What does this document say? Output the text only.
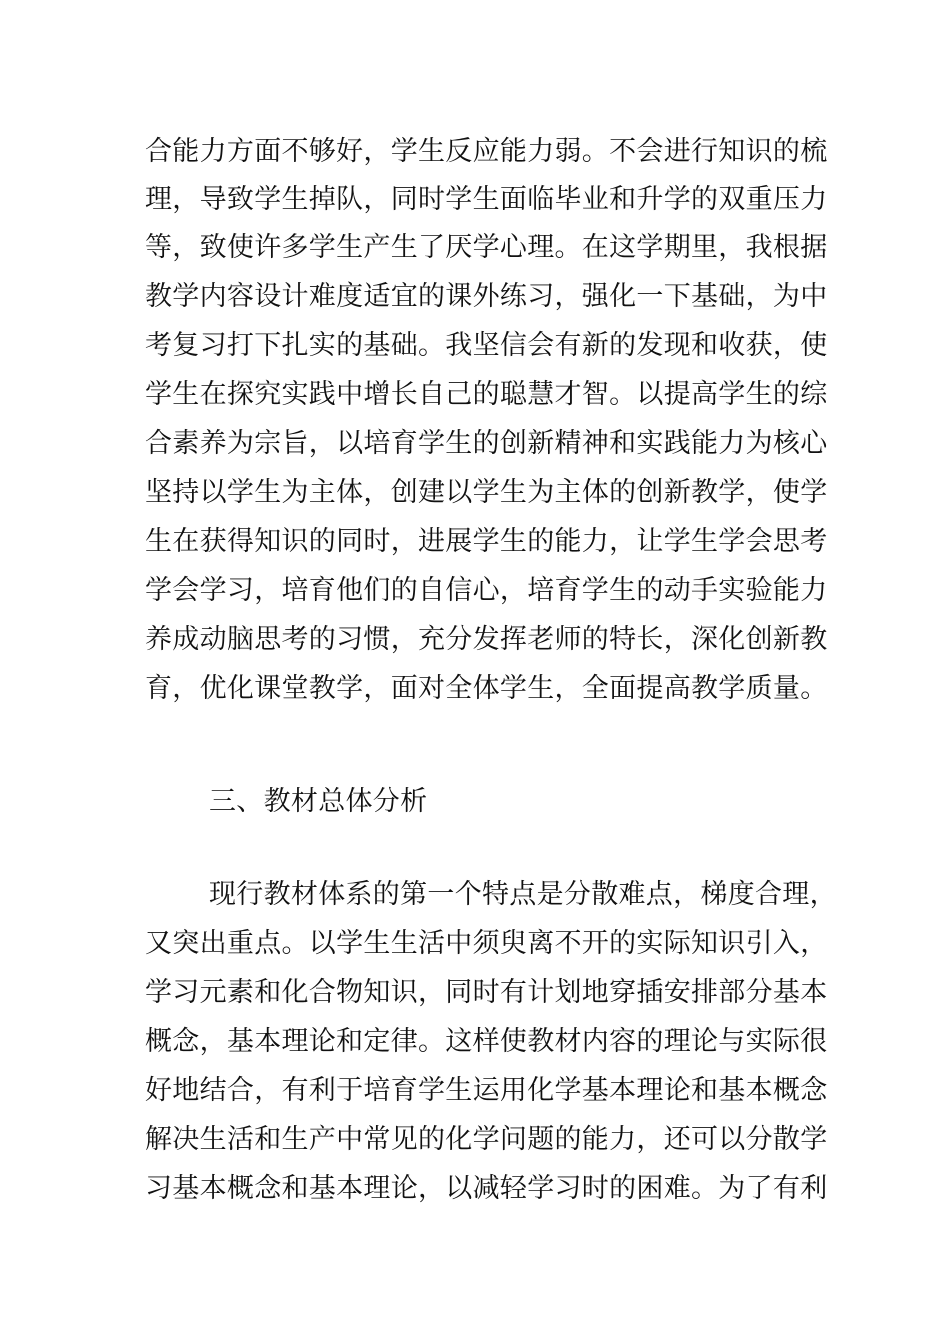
合能力方面不够好，学生反应能力弱。不会进行知识的梳
理，导致学生掉队，同时学生面临毕业和升学的双重压力
等，致使许多学生产生了厌学心理。在这学期里，我根据
教学内容设计难度适宜的课外练习，强化一下基础，为中
考复习打下扎实的基础。我坚信会有新的发现和收获，使
学生在探究实践中增长自己的聪慧才智。以提高学生的综
合素养为宗旨，以培育学生的创新精神和实践能力为核心
坚持以学生为主体，创建以学生为主体的创新教学，使学
生在获得知识的同时，进展学生的能力，让学生学会思考
学会学习，培育他们的自信心，培育学生的动手实验能力
养成动脑思考的习惯，充分发挥老师的特长，深化创新教
育，优化课堂教学，面对全体学生，全面提高教学质量。
三、教材总体分析
现行教材体系的第一个特点是分散难点，梯度合理，
又突出重点。以学生生活中须臾离不开的实际知识引入，
学习元素和化合物知识，同时有计划地穿插安排部分基本
概念，基本理论和定律。这样使教材内容的理论与实际很
好地结合，有利于培育学生运用化学基本理论和基本概念
解决生活和生产中常见的化学问题的能力，还可以分散学
习基本概念和基本理论，以减轻学习时的困难。为了有利
